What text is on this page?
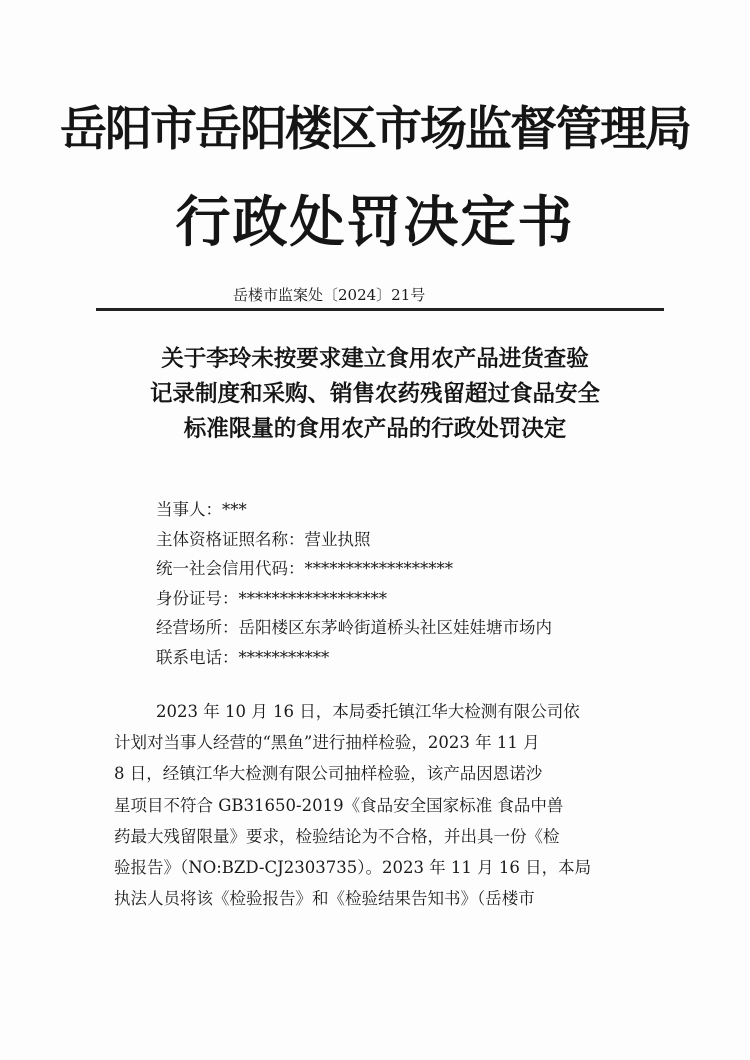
岳阳市岳阳楼区市场监督管理局
行政处罚决定书
岳楼市监案处〔2024〕21号
关于李玲未按要求建立食用农产品进货查验
记录制度和采购、销售农药残留超过食品安全
标准限量的食用农产品的行政处罚决定
当事人：***
主体资格证照名称：营业执照
统一社会信用代码：******************
身份证号：******************
经营场所：岳阳楼区东茅岭街道桥头社区娃娃塘市场内
联系电话：***********
2023 年 10 月 16 日，本局委托镇江华大检测有限公司依
计划对当事人经营的“黑鱼”进行抽样检验，2023 年 11 月
8 日，经镇江华大检测有限公司抽样检验，该产品因恩诺沙
星项目不符合 GB31650-2019《食品安全国家标准 食品中兽
药最大残留限量》要求，检验结论为不合格，并出具一份《检
验报告》（NO:BZD-CJ2303735）。2023 年 11 月 16 日，本局
执法人员将该《检验报告》和《检验结果告知书》（岳楼市
